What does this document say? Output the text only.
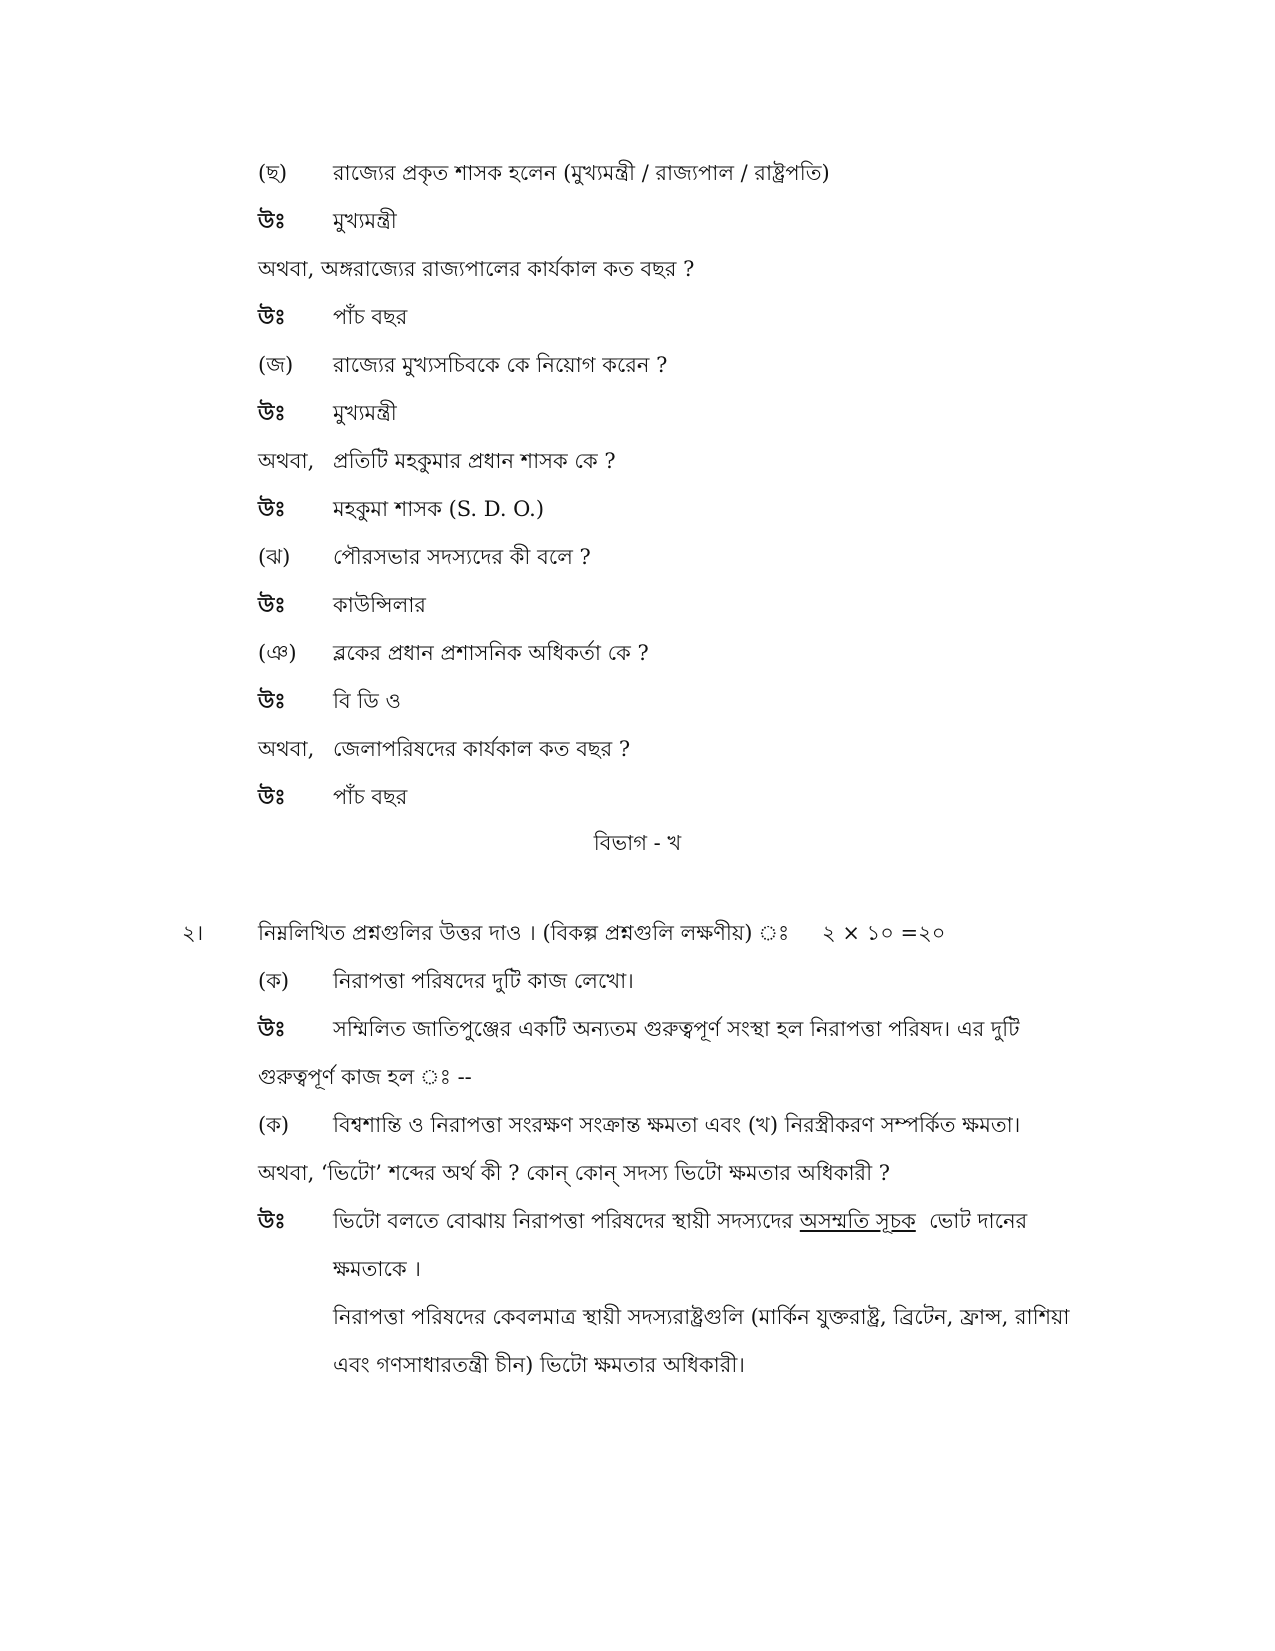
(ছ) রাজ্যের প্রকৃত শাসক হলেন (মুখ্যমন্ত্রী / রাজ্যপাল / রাষ্ট্রপতি)
উঃ মুখ্যমন্ত্রী
অথবা, অঙ্গরাজ্যের রাজ্যপালের কার্যকাল কত বছর ?
উঃ পাঁচ বছর
(জ) রাজ্যের মুখ্যসচিবকে কে নিয়োগ করেন ?
উঃ মুখ্যমন্ত্রী
অথবা, প্রতিটি মহকুমার প্রধান শাসক কে ?
উঃ মহকুমা শাসক (S. D. O.)
(ঝ) পৌরসভার সদস্যদের কী বলে ?
উঃ কাউন্সিলার
(ঞ) ব্লকের প্রধান প্রশাসনিক অধিকর্তা কে ?
উঃ বি ডি ও
অথবা, জেলাপরিষদের কার্যকাল কত বছর ?
উঃ পাঁচ বছর
বিভাগ - খ
২।	নিম্নলিখিত প্রশ্নগুলির উত্তর দাও । (বিকল্প প্রশ্নগুলি লক্ষণীয়) ঃ ২ × ১০ =২০
(ক) নিরাপত্তা পরিষদের দুটি কাজ লেখো।
উঃ সম্মিলিত জাতিপুঞ্জের একটি অন্যতম গুরুত্বপূর্ণ সংস্থা হল নিরাপত্তা পরিষদ। এর দুটি
গুরুত্বপূর্ণ কাজ হল ঃ --
(ক) বিশ্বশান্তি ও নিরাপত্তা সংরক্ষণ সংক্রান্ত ক্ষমতা এবং (খ) নিরস্ত্রীকরণ সম্পর্কিত ক্ষমতা।
অথবা, ‘ভিটো’ শব্দের অর্থ কী ? কোন্ কোন্ সদস্য ভিটো ক্ষমতার অধিকারী ?
উঃ ভিটো বলতে বোঝায় নিরাপত্তা পরিষদের স্থায়ী সদস্যদের অসম্মতি সূচক ভোট দানের
ক্ষমতাকে ।
নিরাপত্তা পরিষদের কেবলমাত্র স্থায়ী সদস্যরাষ্ট্রগুলি (মার্কিন যুক্তরাষ্ট্র, ব্রিটেন, ফ্রান্স, রাশিয়া
এবং গণসাধারতন্ত্রী চীন) ভিটো ক্ষমতার অধিকারী।
